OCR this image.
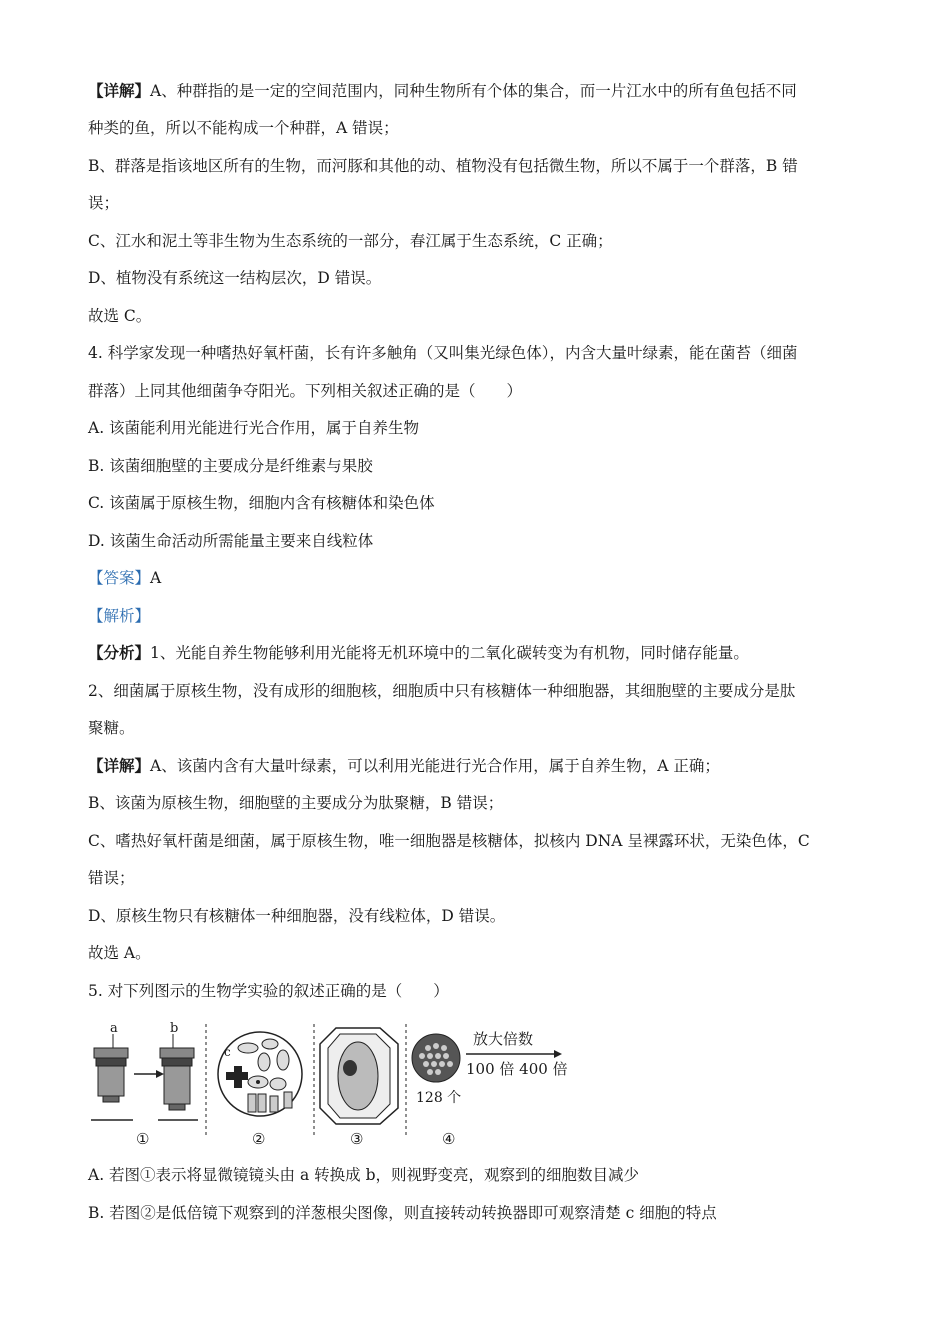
【详解】A、种群指的是一定的空间范围内，同种生物所有个体的集合，而一片江水中的所有鱼包括不同
种类的鱼，所以不能构成一个种群，A 错误；
B、群落是指该地区所有的生物，而河豚和其他的动、植物没有包括微生物，所以不属于一个群落，B 错
误；
C、江水和泥土等非生物为生态系统的一部分，春江属于生态系统，C 正确；
D、植物没有系统这一结构层次，D 错误。
故选 C。
4. 科学家发现一种嗜热好氧杆菌，长有许多触角（又叫集光绿色体），内含大量叶绿素，能在菌苔（细菌
群落）上同其他细菌争夺阳光。下列相关叙述正确的是（　　）
A. 该菌能利用光能进行光合作用，属于自养生物
B. 该菌细胞壁的主要成分是纤维素与果胶
C. 该菌属于原核生物，细胞内含有核糖体和染色体
D. 该菌生命活动所需能量主要来自线粒体
【答案】A
【解析】
【分析】1、光能自养生物能够利用光能将无机环境中的二氧化碳转变为有机物，同时储存能量。
2、细菌属于原核生物，没有成形的细胞核，细胞质中只有核糖体一种细胞器，其细胞壁的主要成分是肽
聚糖。
【详解】A、该菌内含有大量叶绿素，可以利用光能进行光合作用，属于自养生物，A 正确；
B、该菌为原核生物，细胞壁的主要成分为肽聚糖，B 错误；
C、嗜热好氧杆菌是细菌，属于原核生物，唯一细胞器是核糖体，拟核内 DNA 呈裸露环状，无染色体，C
错误；
D、原核生物只有核糖体一种细胞器，没有线粒体，D 错误。
故选 A。
5. 对下列图示的生物学实验的叙述正确的是（　　）
a	b
①
c
②	③
128 个
放大倍数
100 倍 400 倍
④
A. 若图①表示将显微镜镜头由 a 转换成 b，则视野变亮，观察到的细胞数目减少
B. 若图②是低倍镜下观察到的洋葱根尖图像，则直接转动转换器即可观察清楚 c 细胞的特点
